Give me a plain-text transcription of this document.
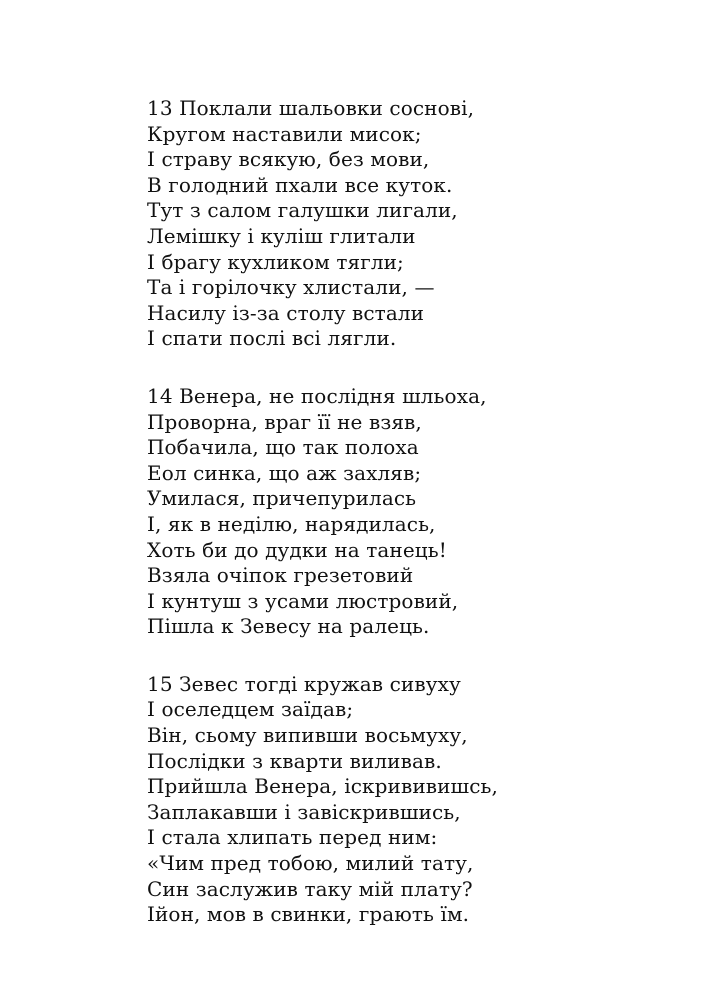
13 Поклали шальовки соснові,
Кругом наставили мисок;
І страву всякую, без мови,
В голодний пхали все куток.
Тут з салом галушки лигали,
Лемішку і куліш глитали
І брагу кухликом тягли;
Та і горілочку хлистали, —
Насилу із-за столу встали
І спати послі всі лягли.
14 Венера, не послідня шльоха,
Проворна, враг її не взяв,
Побачила, що так полоха
Еол синка, що аж захляв;
Умилася, причепурилась
І, як в неділю, нарядилась,
Хоть би до дудки на танець!
Взяла очіпок грезетовий
І кунтуш з усами люстровий,
Пішла к Зевесу на ралець.
15 Зевес тогді кружав сивуху
І оселедцем заїдав;
Він, сьому випивши восьмуху,
Послідки з кварти виливав.
Прийшла Венера, іскрививишсь,
Заплакавши і завіскрившись,
І стала хлипать перед ним:
«Чим пред тобою, милий тату,
Син заслужив таку мій плату?
Ійон, мов в свинки, грають їм.
